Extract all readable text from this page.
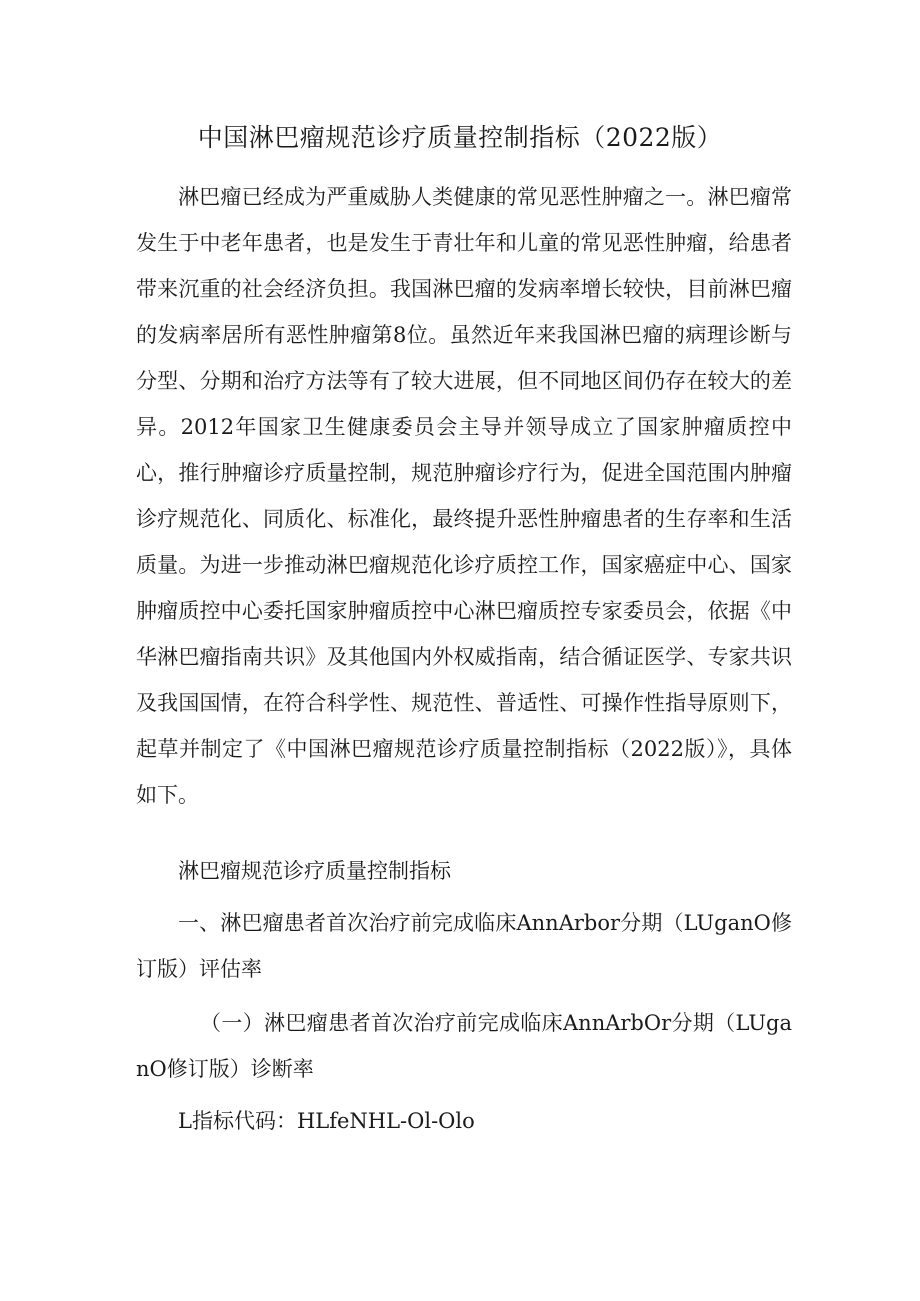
中国淋巴瘤规范诊疗质量控制指标（2022版）

淋巴瘤已经成为严重威胁人类健康的常见恶性肿瘤之一。淋巴瘤常发生于中老年患者，也是发生于青壮年和儿童的常见恶性肿瘤，给患者带来沉重的社会经济负担。我国淋巴瘤的发病率增长较快，目前淋巴瘤的发病率居所有恶性肿瘤第8位。虽然近年来我国淋巴瘤的病理诊断与分型、分期和治疗方法等有了较大进展，但不同地区间仍存在较大的差异。2012年国家卫生健康委员会主导并领导成立了国家肿瘤质控中心，推行肿瘤诊疗质量控制，规范肿瘤诊疗行为，促进全国范围内肿瘤诊疗规范化、同质化、标准化，最终提升恶性肿瘤患者的生存率和生活质量。为进一步推动淋巴瘤规范化诊疗质控工作，国家癌症中心、国家肿瘤质控中心委托国家肿瘤质控中心淋巴瘤质控专家委员会，依据《中华淋巴瘤指南共识》及其他国内外权威指南，结合循证医学、专家共识及我国国情，在符合科学性、规范性、普适性、可操作性指导原则下，起草并制定了《中国淋巴瘤规范诊疗质量控制指标（2022版）》，具体如下。

淋巴瘤规范诊疗质量控制指标

一、淋巴瘤患者首次治疗前完成临床AnnArbor分期（LUganO修订版）评估率

（一）淋巴瘤患者首次治疗前完成临床AnnArbOr分期（LUganO修订版）诊断率

L指标代码：HLfeNHL-Ol-Olo
